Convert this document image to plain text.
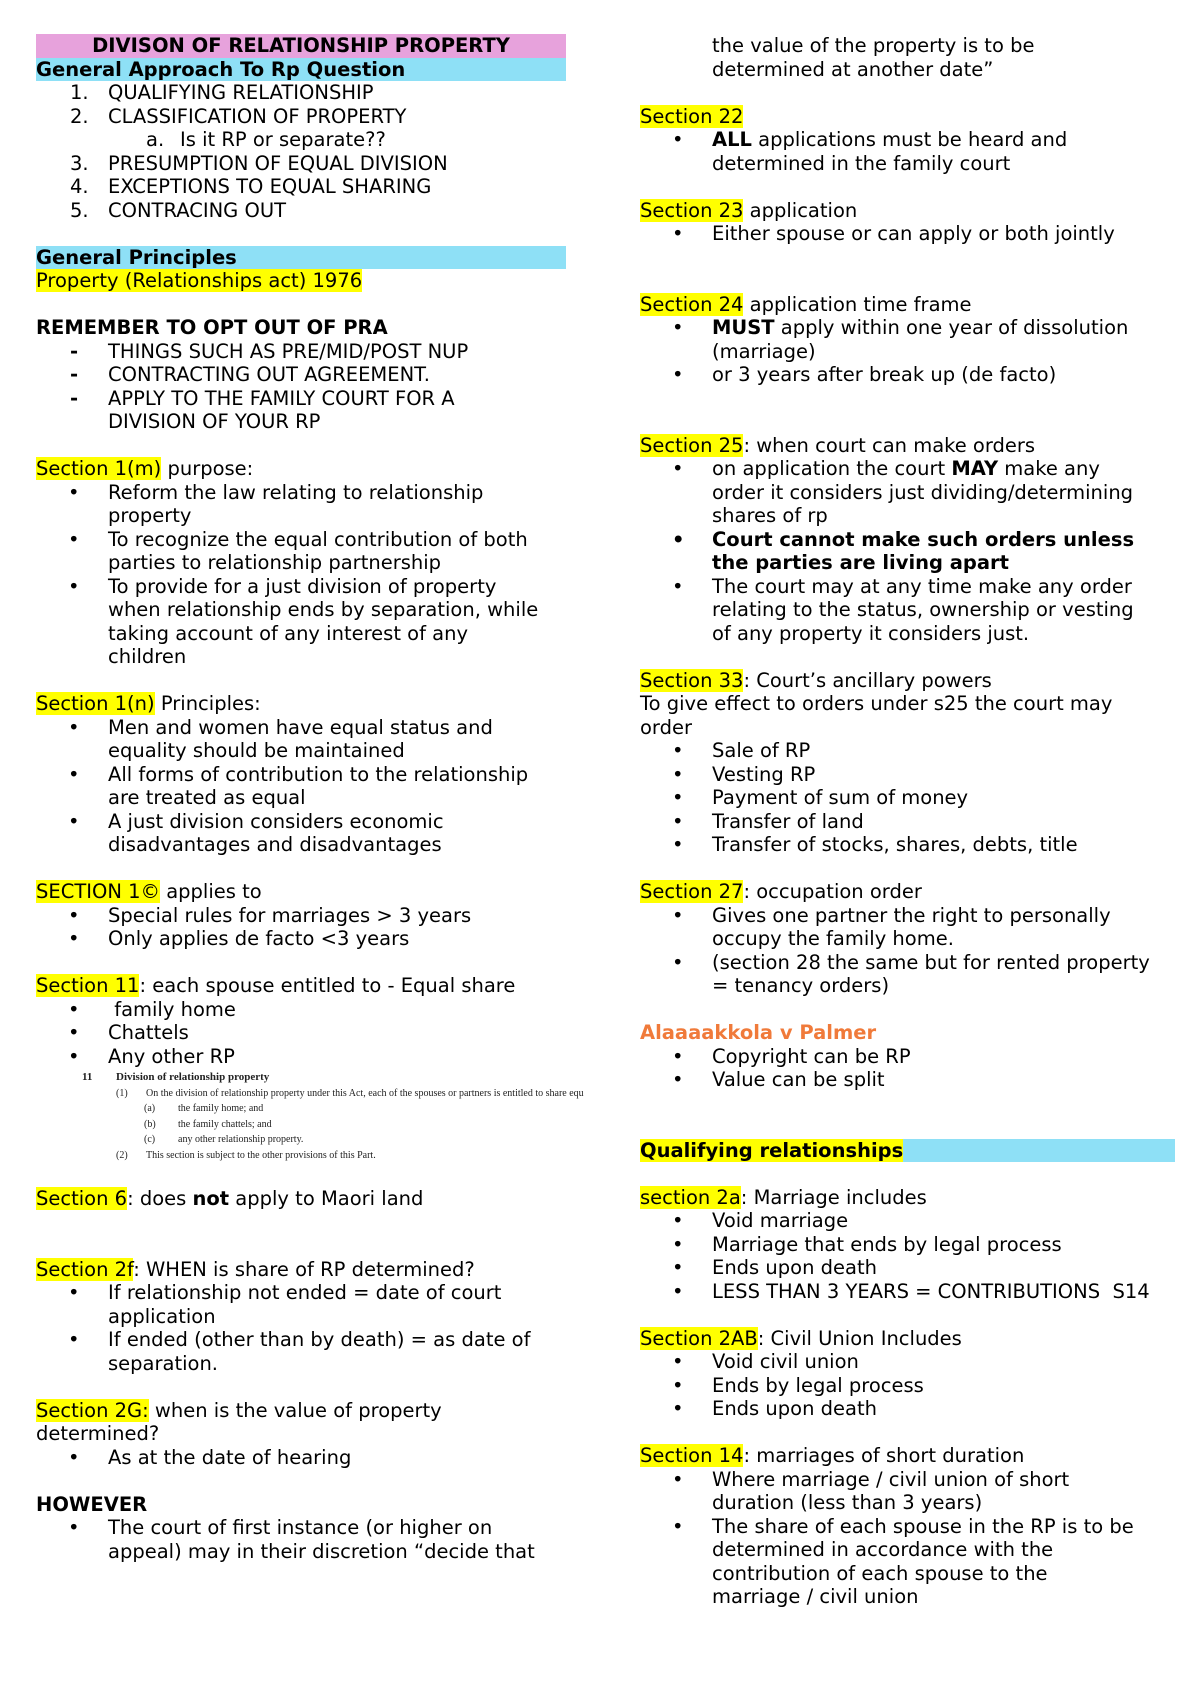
DIVISON OF RELATIONSHIP PROPERTY
General Approach To Rp Question
1. QUALIFYING RELATIONSHIP
2. CLASSIFICATION OF PROPERTY
a. Is it RP or separate??
3. PRESUMPTION OF EQUAL DIVISION
4. EXCEPTIONS TO EQUAL SHARING
5. CONTRACING OUT
General Principles
Property (Relationships act) 1976
REMEMBER TO OPT OUT OF PRA
- THINGS SUCH AS PRE/MID/POST NUP
- CONTRACTING OUT AGREEMENT.
- APPLY TO THE FAMILY COURT FOR A
DIVISION OF YOUR RP
Section 1(m) purpose:
• Reform the law relating to relationship
property
• To recognize the equal contribution of both
parties to relationship partnership
• To provide for a just division of property
when relationship ends by separation, while
taking account of any interest of any
children
Section 1(n) Principles:
• Men and women have equal status and
equality should be maintained
• All forms of contribution to the relationship
are treated as equal
• A just division considers economic
disadvantages and disadvantages
SECTION 1© applies to
• Special rules for marriages > 3 years
• Only applies de facto <3 years
Section 11: each spouse entitled to - Equal share
•  family home
• Chattels
• Any other RP
11 Division of relationship property
(1) On the division of relationship property under this Act, each of the spouses or partners is entitled to share equ
(a) the family home; and
(b) the family chattels; and
(c) any other relationship property.
(2) This section is subject to the other provisions of this Part.
Section 6: does not apply to Maori land
Section 2f: WHEN is share of RP determined?
• If relationship not ended = date of court
application
• If ended (other than by death) = as date of
separation.
Section 2G: when is the value of property
determined?
• As at the date of hearing
HOWEVER
• The court of first instance (or higher on
appeal) may in their discretion “decide that
the value of the property is to be
determined at another date”
Section 22
• ALL applications must be heard and
determined in the family court
Section 23 application
• Either spouse or can apply or both jointly
Section 24 application time frame
• MUST apply within one year of dissolution
(marriage)
• or 3 years after break up (de facto)
Section 25: when court can make orders
• on application the court MAY make any
order it considers just dividing/determining
shares of rp
• Court cannot make such orders unless
the parties are living apart
• The court may at any time make any order
relating to the status, ownership or vesting
of any property it considers just.
Section 33: Court’s ancillary powers
To give effect to orders under s25 the court may
order
• Sale of RP
• Vesting RP
• Payment of sum of money
• Transfer of land
• Transfer of stocks, shares, debts, title
Section 27: occupation order
• Gives one partner the right to personally
occupy the family home.
• (section 28 the same but for rented property
= tenancy orders)
Alaaaakkola v Palmer
• Copyright can be RP
• Value can be split
Qualifying relationships
section 2a: Marriage includes
• Void marriage
• Marriage that ends by legal process
• Ends upon death
• LESS THAN 3 YEARS = CONTRIBUTIONS  S14
Section 2AB: Civil Union Includes
• Void civil union
• Ends by legal process
• Ends upon death
Section 14: marriages of short duration
• Where marriage / civil union of short
duration (less than 3 years)
• The share of each spouse in the RP is to be
determined in accordance with the
contribution of each spouse to the
marriage / civil union
